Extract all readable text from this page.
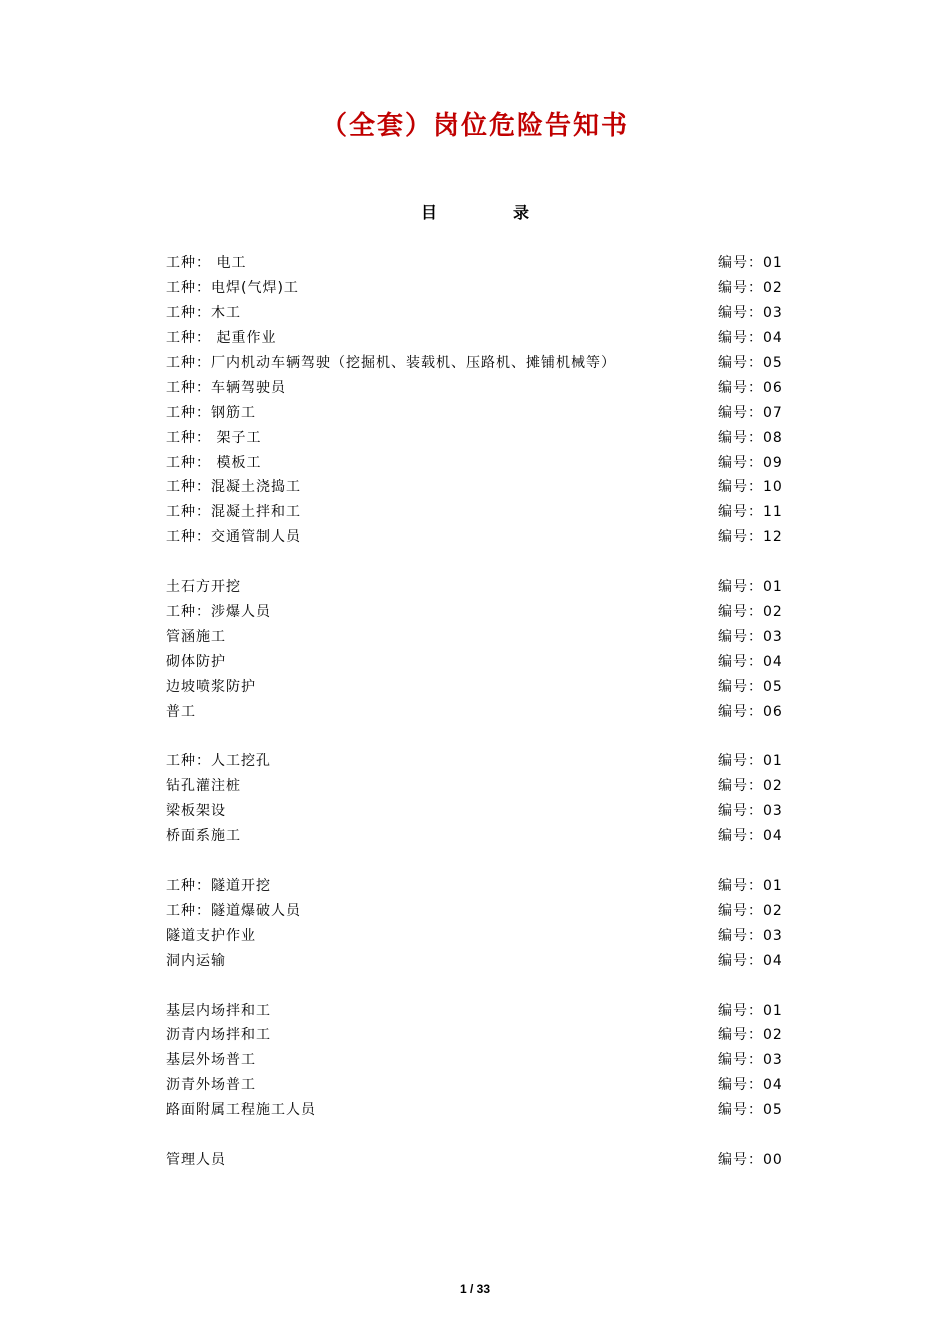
（全套）岗位危险告知书
目　录
工种： 电工	编号：01
工种：电焊(气焊)工	编号：02
工种：木工	编号：03
工种： 起重作业	编号：04
工种：厂内机动车辆驾驶（挖掘机、装载机、压路机、摊铺机械等）	编号：05
工种：车辆驾驶员	编号：06
工种：钢筋工	编号：07
工种： 架子工	编号：08
工种： 模板工	编号：09
工种：混凝土浇捣工	编号：10
工种：混凝土拌和工	编号：11
工种：交通管制人员	编号：12
土石方开挖	编号：01
工种：涉爆人员	编号：02
管涵施工	编号：03
砌体防护	编号：04
边坡喷浆防护	编号：05
普工	编号：06
工种：人工挖孔	编号：01
钻孔灌注桩	编号：02
梁板架设	编号：03
桥面系施工	编号：04
工种：隧道开挖	编号：01
工种：隧道爆破人员	编号：02
隧道支护作业	编号：03
洞内运输	编号：04
基层内场拌和工	编号：01
沥青内场拌和工	编号：02
基层外场普工	编号：03
沥青外场普工	编号：04
路面附属工程施工人员	编号：05
管理人员	编号：00
1 / 33
